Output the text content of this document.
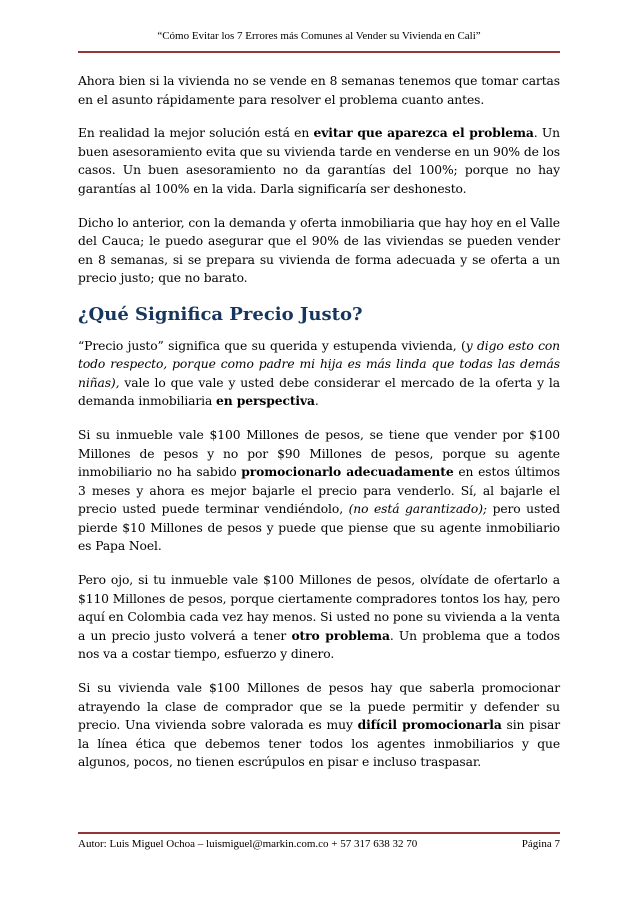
“Cómo Evitar los 7 Errores más Comunes al Vender su Vivienda en Cali”

Ahora bien si la vivienda no se vende en 8 semanas tenemos que tomar cartas en el asunto rápidamente para resolver el problema cuanto antes.

En realidad la mejor solución está en evitar que aparezca el problema. Un buen asesoramiento evita que su vivienda tarde en venderse en un 90% de los casos. Un buen asesoramiento no da garantías del 100%; porque no hay garantías al 100% en la vida. Darla significaría ser deshonesto.

Dicho lo anterior, con la demanda y oferta inmobiliaria que hay hoy en el Valle del Cauca; le puedo asegurar que el 90% de las viviendas se pueden vender en 8 semanas, si se prepara su vivienda de forma adecuada y se oferta a un precio justo; que no barato.

¿Qué Significa Precio Justo?

“Precio justo” significa que su querida y estupenda vivienda, (y digo esto con todo respecto, porque como padre mi hija es más linda que todas las demás niñas), vale lo que vale y usted debe considerar el mercado de la oferta y la demanda inmobiliaria en perspectiva.

Si su inmueble vale $100 Millones de pesos, se tiene que vender por $100 Millones de pesos y no por $90 Millones de pesos, porque su agente inmobiliario no ha sabido promocionarlo adecuadamente en estos últimos 3 meses y ahora es mejor bajarle el precio para venderlo. Sí, al bajarle el precio usted puede terminar vendiéndolo, (no está garantizado); pero usted pierde $10 Millones de pesos y puede que piense que su agente inmobiliario es Papa Noel.

Pero ojo, si tu inmueble vale $100 Millones de pesos, olvídate de ofertarlo a $110 Millones de pesos, porque ciertamente compradores tontos los hay, pero aquí en Colombia cada vez hay menos. Si usted no pone su vivienda a la venta a un precio justo volverá a tener otro problema. Un problema que a todos nos va a costar tiempo, esfuerzo y dinero.

Si su vivienda vale $100 Millones de pesos hay que saberla promocionar atrayendo la clase de comprador que se la puede permitir y defender su precio. Una vivienda sobre valorada es muy difícil promocionarla sin pisar la línea ética que debemos tener todos los agentes inmobiliarios y que algunos, pocos, no tienen escrúpulos en pisar e incluso traspasar.

Autor: Luis Miguel Ochoa – luismiguel@markin.com.co + 57 317 638 32 70	Página 7
